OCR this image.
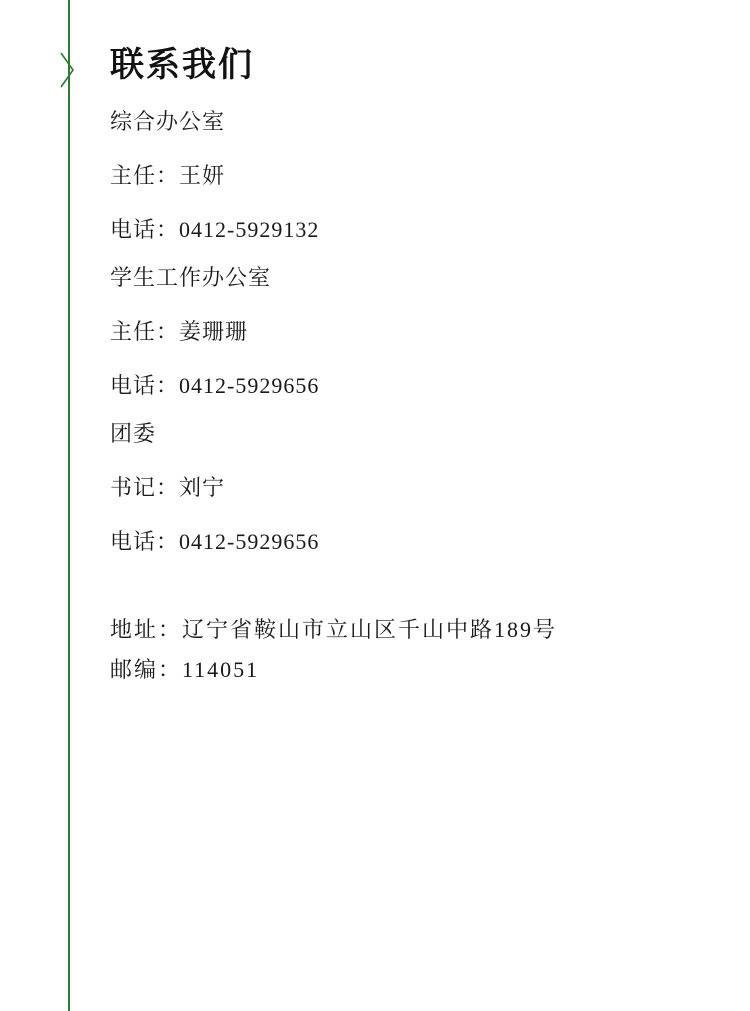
联系我们

综合办公室

主任：王妍

电话：0412-5929132

学生工作办公室

主任：姜珊珊

电话：0412-5929656

团委

书记：刘宁

电话：0412-5929656

地址：辽宁省鞍山市立山区千山中路189号

邮编：114051
